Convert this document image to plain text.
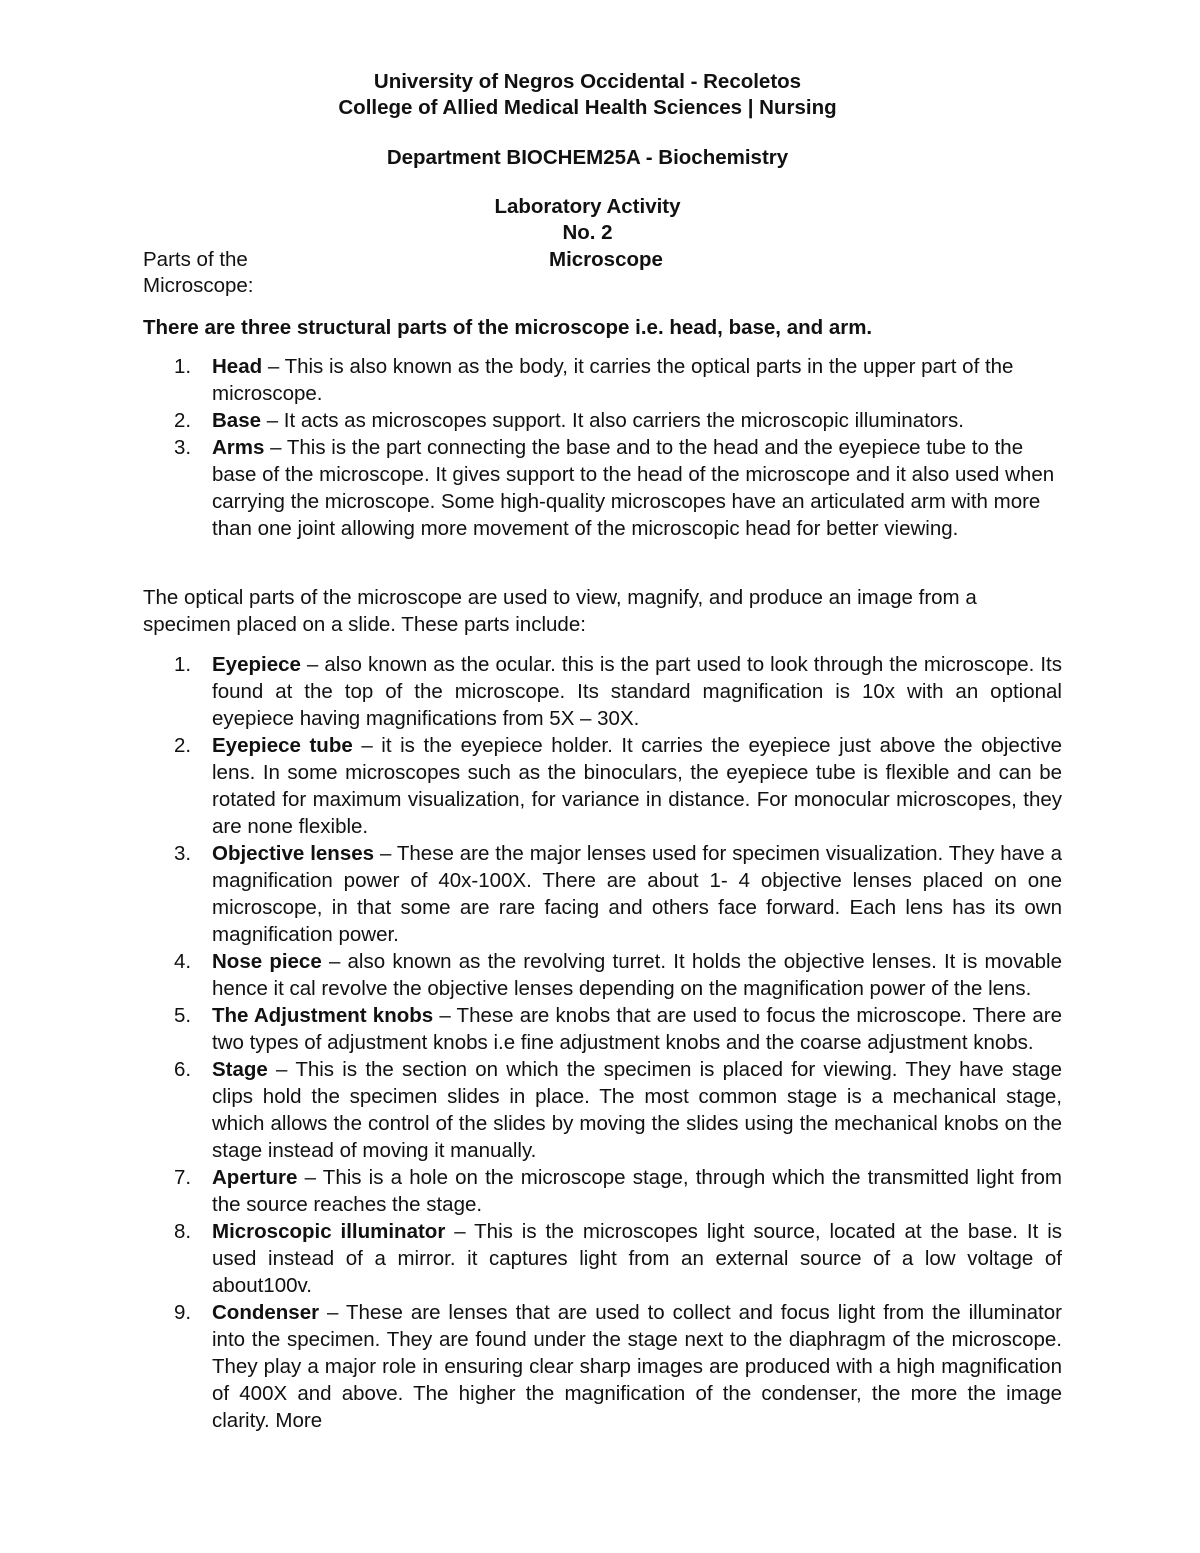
University of Negros Occidental - Recoletos
College of Allied Medical Health Sciences | Nursing
Department BIOCHEM25A - Biochemistry
Laboratory Activity
No. 2
Microscope
Parts of the
Microscope:
There are three structural parts of the microscope i.e. head, base, and arm.
1. Head – This is also known as the body, it carries the optical parts in the upper part of the microscope.
2. Base – It acts as microscopes support. It also carriers the microscopic illuminators.
3. Arms – This is the part connecting the base and to the head and the eyepiece tube to the base of the microscope. It gives support to the head of the microscope and it also used when carrying the microscope. Some high-quality microscopes have an articulated arm with more than one joint allowing more movement of the microscopic head for better viewing.
The optical parts of the microscope are used to view, magnify, and produce an image from a specimen placed on a slide. These parts include:
1. Eyepiece – also known as the ocular. this is the part used to look through the microscope. Its found at the top of the microscope. Its standard magnification is 10x with an optional eyepiece having magnifications from 5X – 30X.
2. Eyepiece tube – it is the eyepiece holder. It carries the eyepiece just above the objective lens. In some microscopes such as the binoculars, the eyepiece tube is flexible and can be rotated for maximum visualization, for variance in distance. For monocular microscopes, they are none flexible.
3. Objective lenses – These are the major lenses used for specimen visualization. They have a magnification power of 40x-100X. There are about 1- 4 objective lenses placed on one microscope, in that some are rare facing and others face forward. Each lens has its own magnification power.
4. Nose piece – also known as the revolving turret. It holds the objective lenses. It is movable hence it cal revolve the objective lenses depending on the magnification power of the lens.
5. The Adjustment knobs – These are knobs that are used to focus the microscope. There are two types of adjustment knobs i.e fine adjustment knobs and the coarse adjustment knobs.
6. Stage – This is the section on which the specimen is placed for viewing. They have stage clips hold the specimen slides in place. The most common stage is a mechanical stage, which allows the control of the slides by moving the slides using the mechanical knobs on the stage instead of moving it manually.
7. Aperture – This is a hole on the microscope stage, through which the transmitted light from the source reaches the stage.
8. Microscopic illuminator – This is the microscopes light source, located at the base. It is used instead of a mirror. it captures light from an external source of a low voltage of about100v.
9. Condenser – These are lenses that are used to collect and focus light from the illuminator into the specimen. They are found under the stage next to the diaphragm of the microscope. They play a major role in ensuring clear sharp images are produced with a high magnification of 400X and above. The higher the magnification of the condenser, the more the image clarity. More
